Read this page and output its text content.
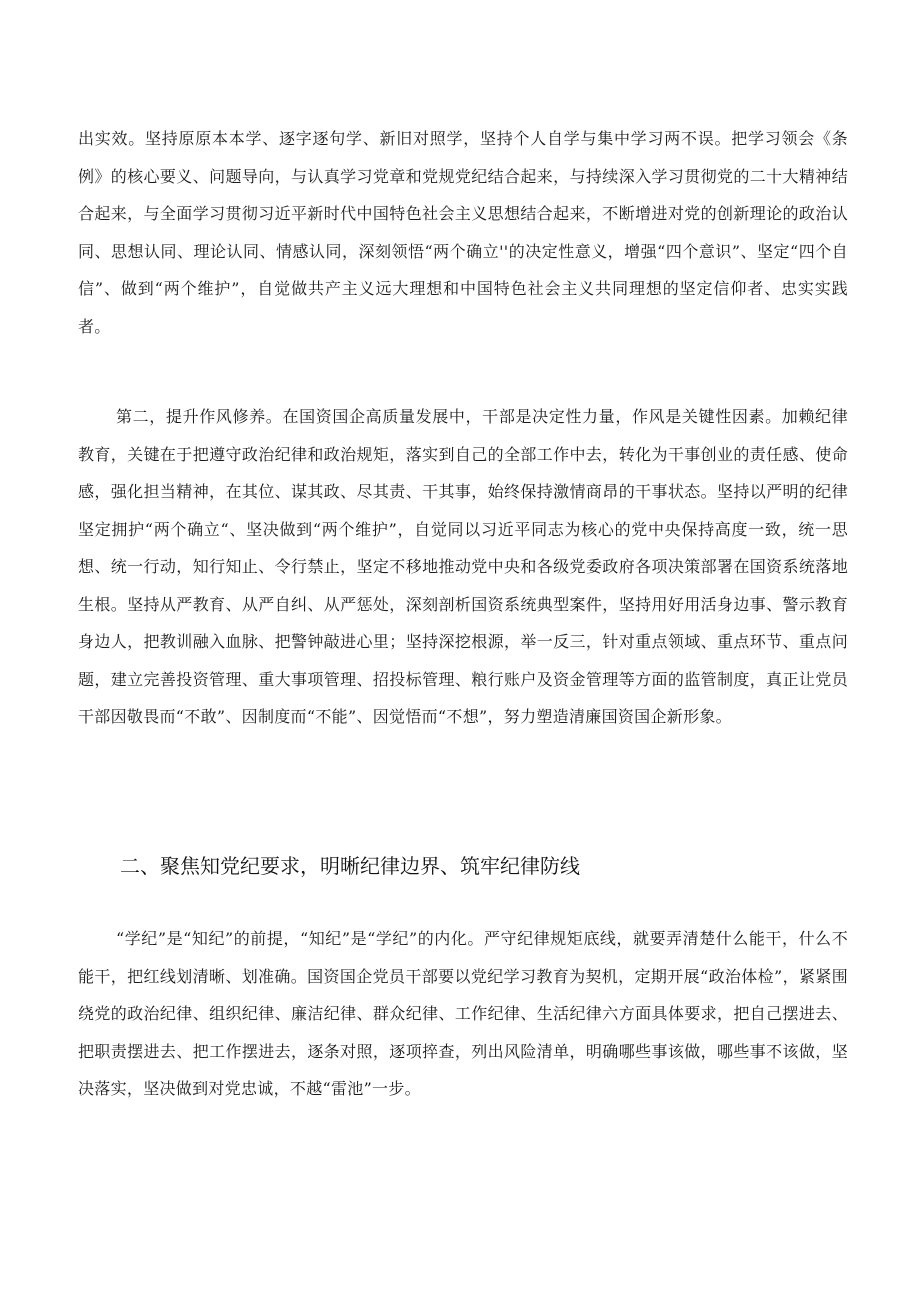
出实效。坚持原原本本学、逐字逐句学、新旧对照学，坚持个人自学与集中学习两不误。把学习领会《条例》的核心要义、问题导向，与认真学习党章和党规党纪结合起来，与持续深入学习贯彻党的二十大精神结合起来，与全面学习贯彻习近平新时代中国特色社会主义思想结合起来，不断增进对党的创新理论的政治认同、思想认同、理论认同、情感认同，深刻领悟“两个确立''的决定性意义，增强“四个意识”、坚定“四个自信”、做到“两个维护”，自觉做共产主义远大理想和中国特色社会主义共同理想的坚定信仰者、忠实实践者。

第二，提升作风修养。在国资国企高质量发展中，干部是决定性力量，作风是关键性因素。加赖纪律教育，关键在于把遵守政治纪律和政治规矩，落实到自己的全部工作中去，转化为干事创业的责任感、使命感，强化担当精神，在其位、谋其政、尽其责、干其事，始终保持激情商昂的干事状态。坚持以严明的纪律坚定拥护“两个确立“、坚决做到“两个维护”，自觉同以习近平同志为核心的党中央保持高度一致，统一思想、统一行动，知行知止、令行禁止，坚定不移地推动党中央和各级党委政府各项决策部署在国资系统落地生根。坚持从严教育、从严自纠、从严惩处，深刻剖析国资系统典型案件，坚持用好用活身边事、警示教育身边人，把教训融入血脉、把警钟敲进心里；坚持深挖根源，举一反三，针对重点领域、重点环节、重点问题，建立完善投资管理、重大事项管理、招投标管理、粮行账户及资金管理等方面的监管制度，真正让党员干部因敬畏而“不敢”、因制度而“不能”、因觉悟而“不想”，努力塑造清廉国资国企新形象。

二、聚焦知党纪要求，明晰纪律边界、筑牢纪律防线

“学纪”是“知纪”的前提，“知纪”是“学纪”的内化。严守纪律规矩底线，就要弄清楚什么能干，什么不能干，把红线划清晰、划准确。国资国企党员干部要以党纪学习教育为契机，定期开展“政治体检”，紧紧围绕党的政治纪律、组织纪律、廉洁纪律、群众纪律、工作纪律、生活纪律六方面具体要求，把自己摆进去、把职责摆进去、把工作摆进去，逐条对照，逐项捽查，列出风险清单，明确哪些事该做，哪些事不该做，坚决落实，坚决做到对党忠诚，不越“雷池”一步。
